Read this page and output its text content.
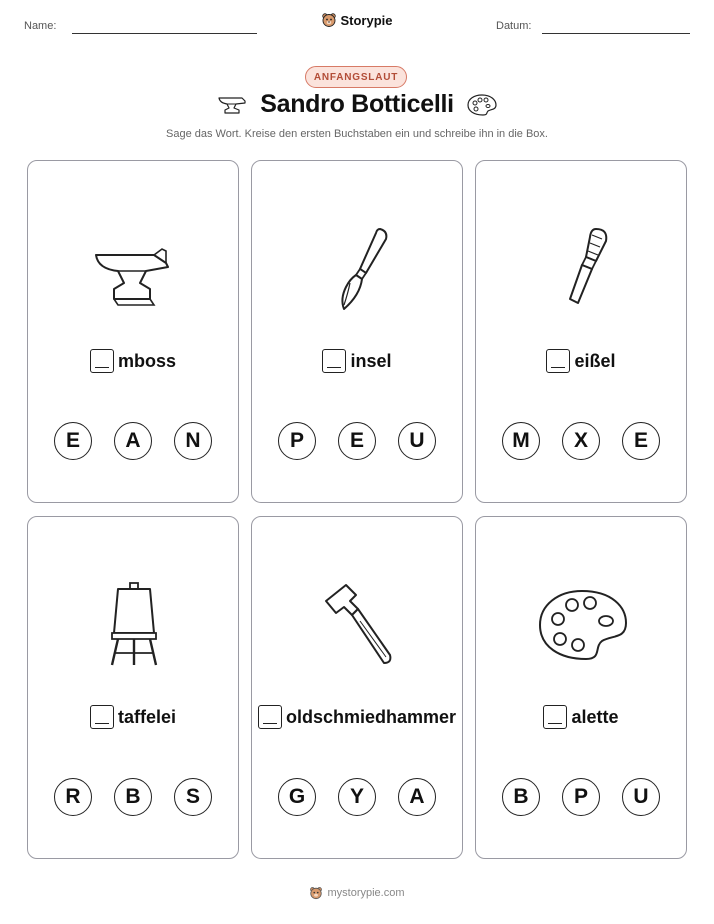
Name:	Storypie	Datum:
ANFANGSLAUT
Sandro Botticelli
Sage das Wort. Kreise den ersten Buchstaben ein und schreibe ihn in die Box.
mboss
E	A	N
insel
P	E	U
eißel
M	X	E
taffelei
R	B	S
oldschmiedhammer
G	Y	A
alette
B	P	U
mystorypie.com
